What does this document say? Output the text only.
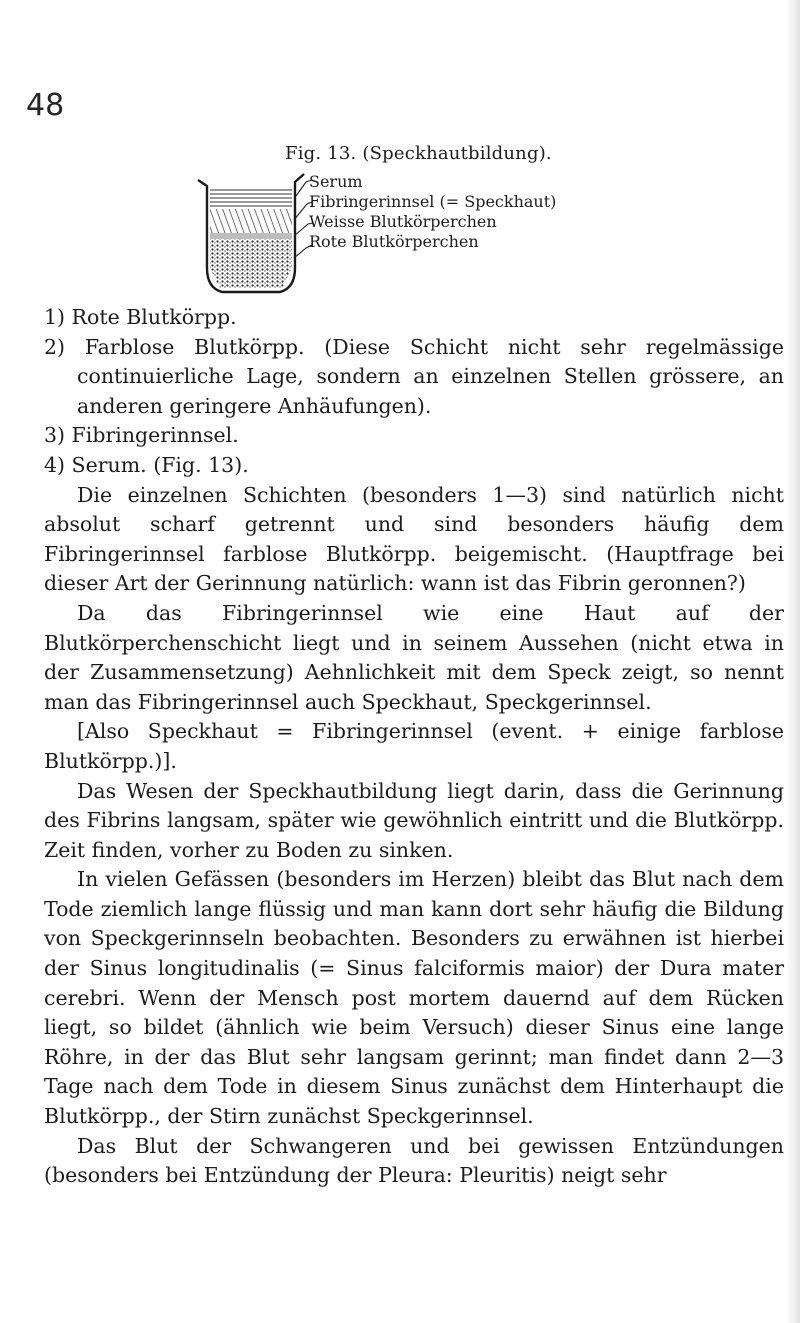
48
Fig. 13. (Speckhautbildung).
Serum
Fibringerinnsel (= Speckhaut)
Weisse Blutkörperchen
Rote Blutkörperchen

1) Rote Blutkörpp.

2) Farblose Blutkörpp. (Diese Schicht nicht sehr regelmässige continuierliche Lage, sondern an einzelnen Stellen grössere, an anderen geringere Anhäufungen).

3) Fibringerinnsel.

4) Serum. (Fig. 13).

Die einzelnen Schichten (besonders 1—3) sind natürlich nicht absolut scharf getrennt und sind besonders häufig dem Fibringerinnsel farblose Blutkörpp. beigemischt. (Hauptfrage bei dieser Art der Gerinnung natürlich: wann ist das Fibrin geronnen?)

Da das Fibringerinnsel wie eine Haut auf der Blutkörperchenschicht liegt und in seinem Aussehen (nicht etwa in der Zusammensetzung) Aehnlichkeit mit dem Speck zeigt, so nennt man das Fibringerinnsel auch Speckhaut, Speckgerinnsel.

[Also Speckhaut = Fibringerinnsel (event. + einige farblose Blutkörpp.)].

Das Wesen der Speckhautbildung liegt darin, dass die Gerinnung des Fibrins langsam, später wie gewöhnlich eintritt und die Blutkörpp. Zeit finden, vorher zu Boden zu sinken.

In vielen Gefässen (besonders im Herzen) bleibt das Blut nach dem Tode ziemlich lange flüssig und man kann dort sehr häufig die Bildung von Speckgerinnseln beobachten. Besonders zu erwähnen ist hierbei der Sinus longitudinalis (= Sinus falciformis maior) der Dura mater cerebri. Wenn der Mensch post mortem dauernd auf dem Rücken liegt, so bildet (ähnlich wie beim Versuch) dieser Sinus eine lange Röhre, in der das Blut sehr langsam gerinnt; man findet dann 2—3 Tage nach dem Tode in diesem Sinus zunächst dem Hinterhaupt die Blutkörpp., der Stirn zunächst Speckgerinnsel.

Das Blut der Schwangeren und bei gewissen Entzündungen (besonders bei Entzündung der Pleura: Pleuritis) neigt sehr
